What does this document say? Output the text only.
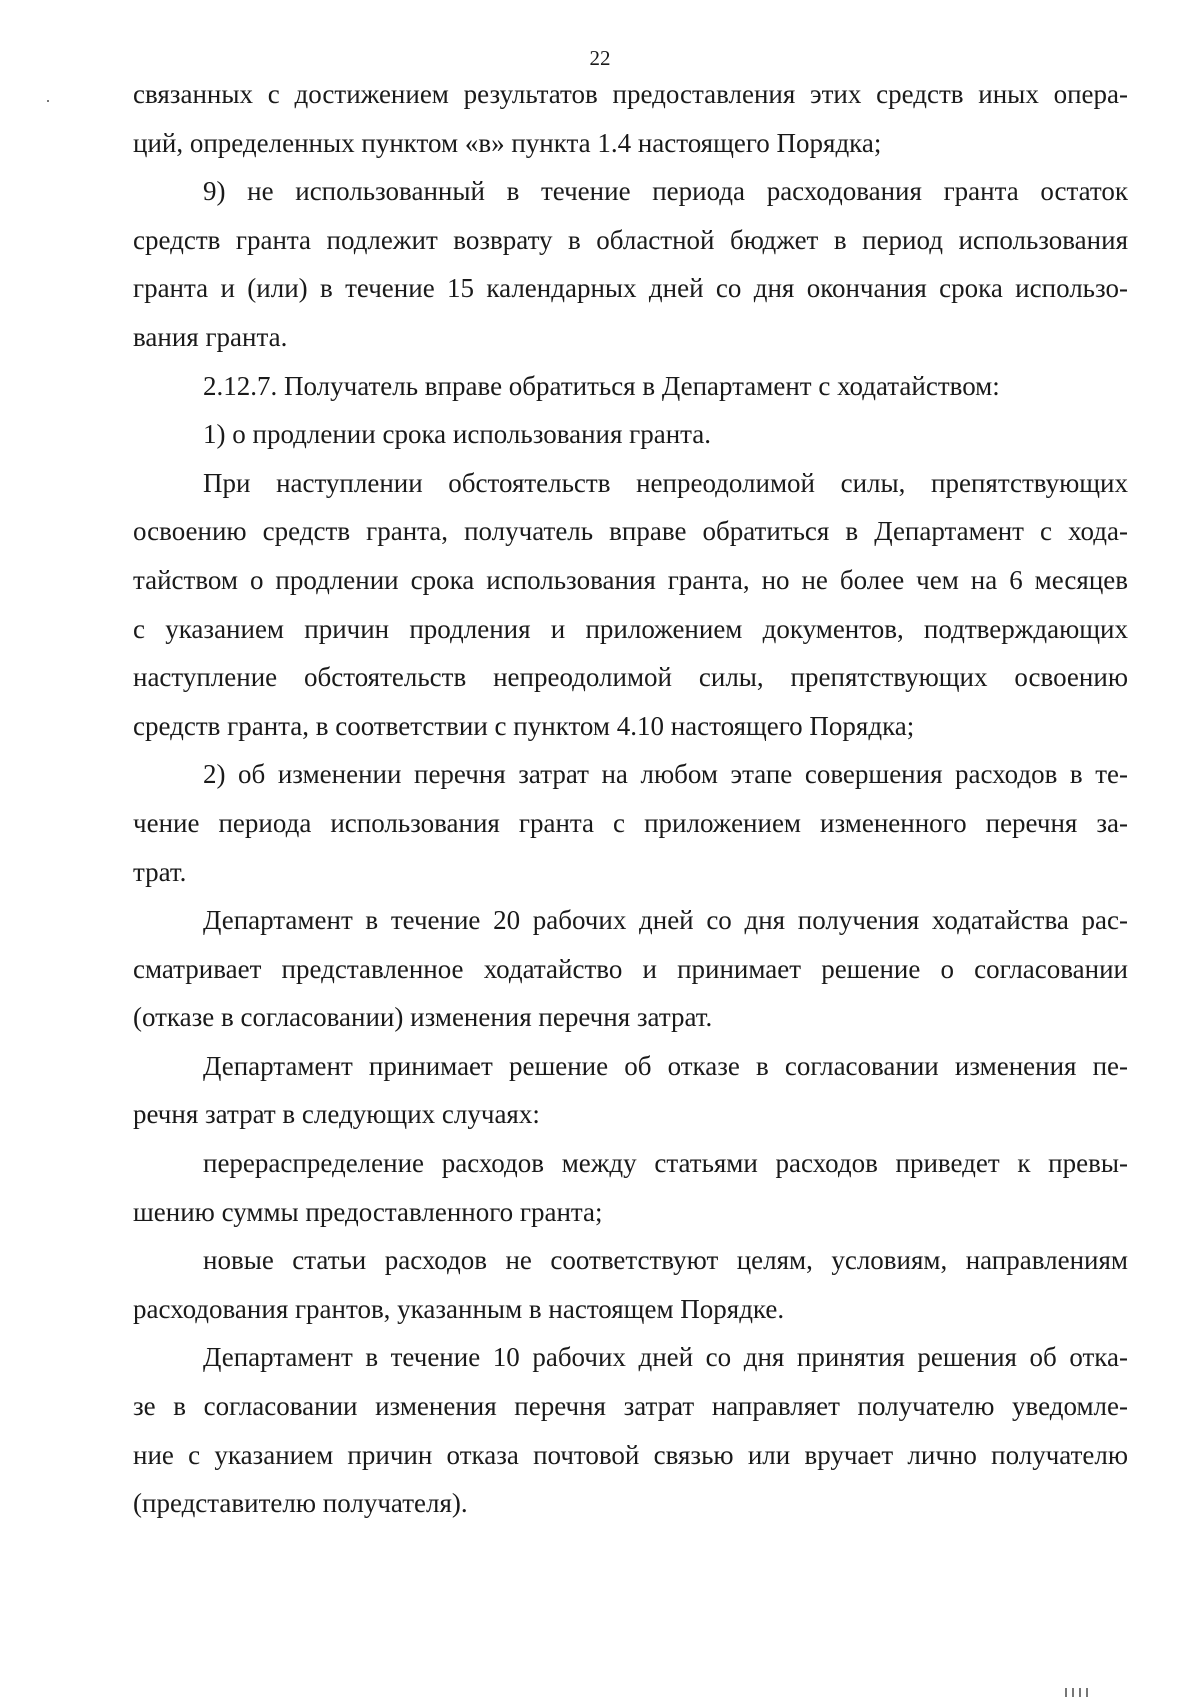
22
связанных с достижением результатов предоставления этих средств иных опера-
ций, определенных пунктом «в» пункта 1.4 настоящего Порядка;
9) не использованный в течение периода расходования гранта остаток
средств гранта подлежит возврату в областной бюджет в период использования
гранта и (или) в течение 15 календарных дней со дня окончания срока использо-
вания гранта.
2.12.7. Получатель вправе обратиться в Департамент с ходатайством:
1) о продлении срока использования гранта.
При наступлении обстоятельств непреодолимой силы, препятствующих
освоению средств гранта, получатель вправе обратиться в Департамент с хода-
тайством о продлении срока использования гранта, но не более чем на 6 месяцев
с указанием причин продления и приложением документов, подтверждающих
наступление обстоятельств непреодолимой силы, препятствующих освоению
средств гранта, в соответствии с пунктом 4.10 настоящего Порядка;
2) об изменении перечня затрат на любом этапе совершения расходов в те-
чение периода использования гранта с приложением измененного перечня за-
трат.
Департамент в течение 20 рабочих дней со дня получения ходатайства рас-
сматривает представленное ходатайство и принимает решение о согласовании
(отказе в согласовании) изменения перечня затрат.
Департамент принимает решение об отказе в согласовании изменения пе-
речня затрат в следующих случаях:
перераспределение расходов между статьями расходов приведет к превы-
шению суммы предоставленного гранта;
новые статьи расходов не соответствуют целям, условиям, направлениям
расходования грантов, указанным в настоящем Порядке.
Департамент в течение 10 рабочих дней со дня принятия решения об отка-
зе в согласовании изменения перечня затрат направляет получателю уведомле-
ние с указанием причин отказа почтовой связью или вручает лично получателю
(представителю получателя).
